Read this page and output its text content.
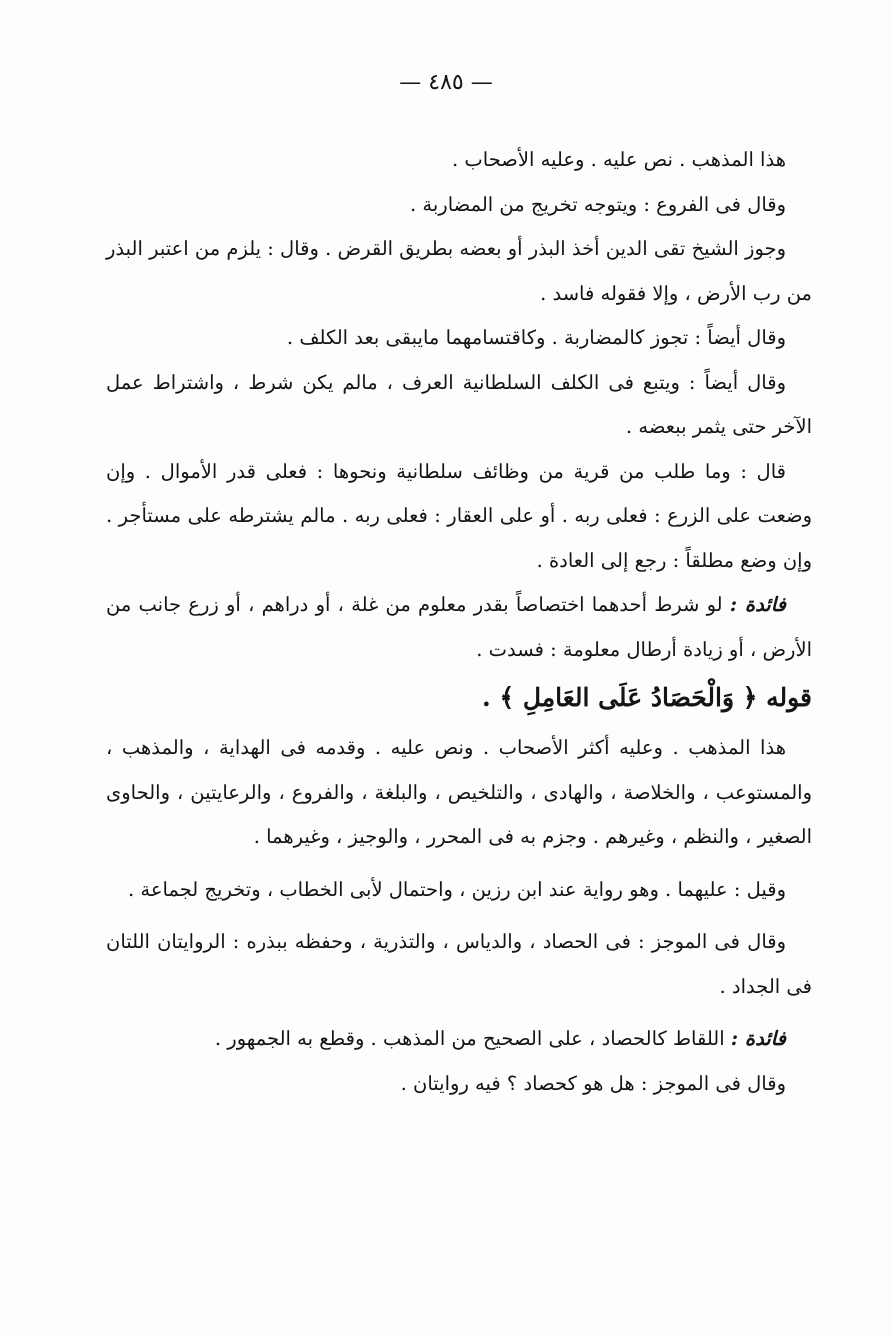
— ٤٨٥ —

هذا المذهب . نص عليه . وعليه الأصحاب .

وقال فى الفروع : ويتوجه تخريج من المضاربة .

وجوز الشيخ تقى الدين أخذ البذر أو بعضه بطريق القرض . وقال : يلزم من اعتبر البذر من رب الأرض ، وإلا فقوله فاسد .

وقال أيضاً : تجوز كالمضاربة . وكاقتسامهما مايبقى بعد الكلف .

وقال أيضاً : ويتبع فى الكلف السلطانية العرف ، مالم يكن شرط ، واشتراط عمل الآخر حتى يثمر ببعضه .

قال : وما طلب من قرية من وظائف سلطانية ونحوها : فعلى قدر الأموال . وإن وضعت على الزرع : فعلى ربه . أو على العقار : فعلى ربه . مالم يشترطه على مستأجر . وإن وضع مطلقاً : رجع إلى العادة .

فائدة : لو شرط أحدهما اختصاصاً بقدر معلوم من غلة ، أو دراهم ، أو زرع جانب من الأرض ، أو زيادة أرطال معلومة : فسدت .

قوله ﴿ وَالْحَصَادُ عَلَى العَامِلِ ﴾ .

هذا المذهب . وعليه أكثر الأصحاب . ونص عليه . وقدمه فى الهداية ، والمذهب ، والمستوعب ، والخلاصة ، والهادى ، والتلخيص ، والبلغة ، والفروع ، والرعايتين ، والحاوى الصغير ، والنظم ، وغيرهم . وجزم به فى المحرر ، والوجيز ، وغيرهما .

وقيل : عليهما . وهو رواية عند ابن رزين ، واحتمال لأبى الخطاب ، وتخريج لجماعة .

وقال فى الموجز : فى الحصاد ، والدياس ، والتذرية ، وحفظه ببذره : الروايتان اللتان فى الجداد .

فائدة : اللقاط كالحصاد ، على الصحيح من المذهب . وقطع به الجمهور .

وقال فى الموجز : هل هو كحصاد ؟ فيه روايتان .
